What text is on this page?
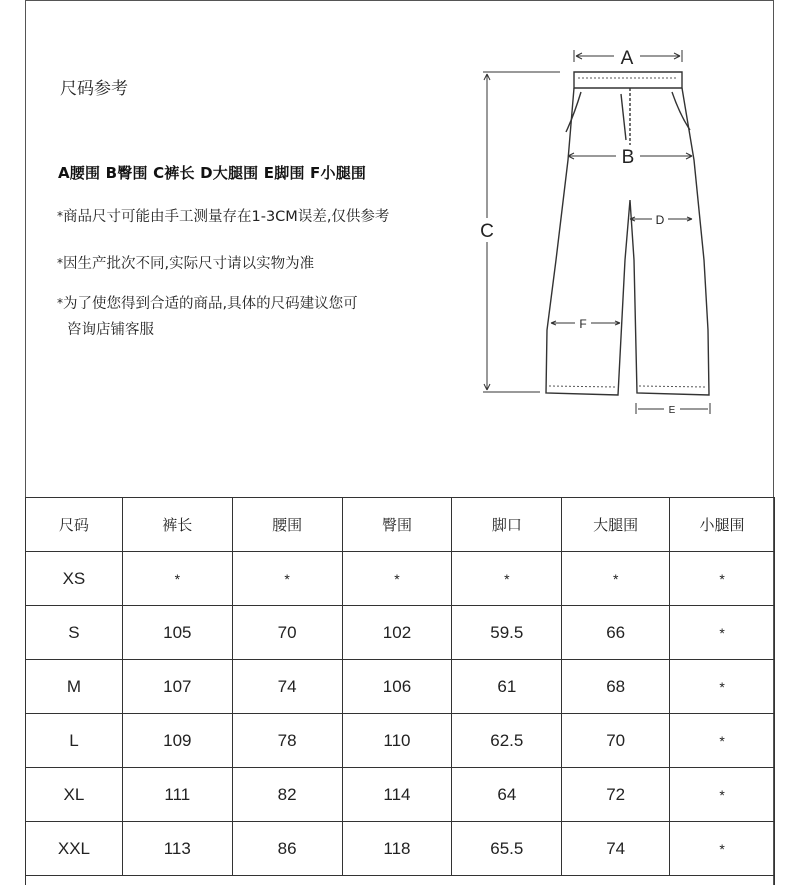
尺码参考
A腰围 B臀围 C裤长 D大腿围 E脚围 F小腿围
*商品尺寸可能由手工测量存在1-3CM误差,仅供参考
*因生产批次不同,实际尺寸请以实物为准
*为了使您得到合适的商品,具体的尺码建议您可
咨询店铺客服
A
B
C
D
F
E
尺码	裤长	腰围	臀围	脚口	大腿围	小腿围
XS	*	*	*	*	*	*
S	105	70	102	59.5	66	*
M	107	74	106	61	68	*
L	109	78	110	62.5	70	*
XL	111	82	114	64	72	*
XXL	113	86	118	65.5	74	*
